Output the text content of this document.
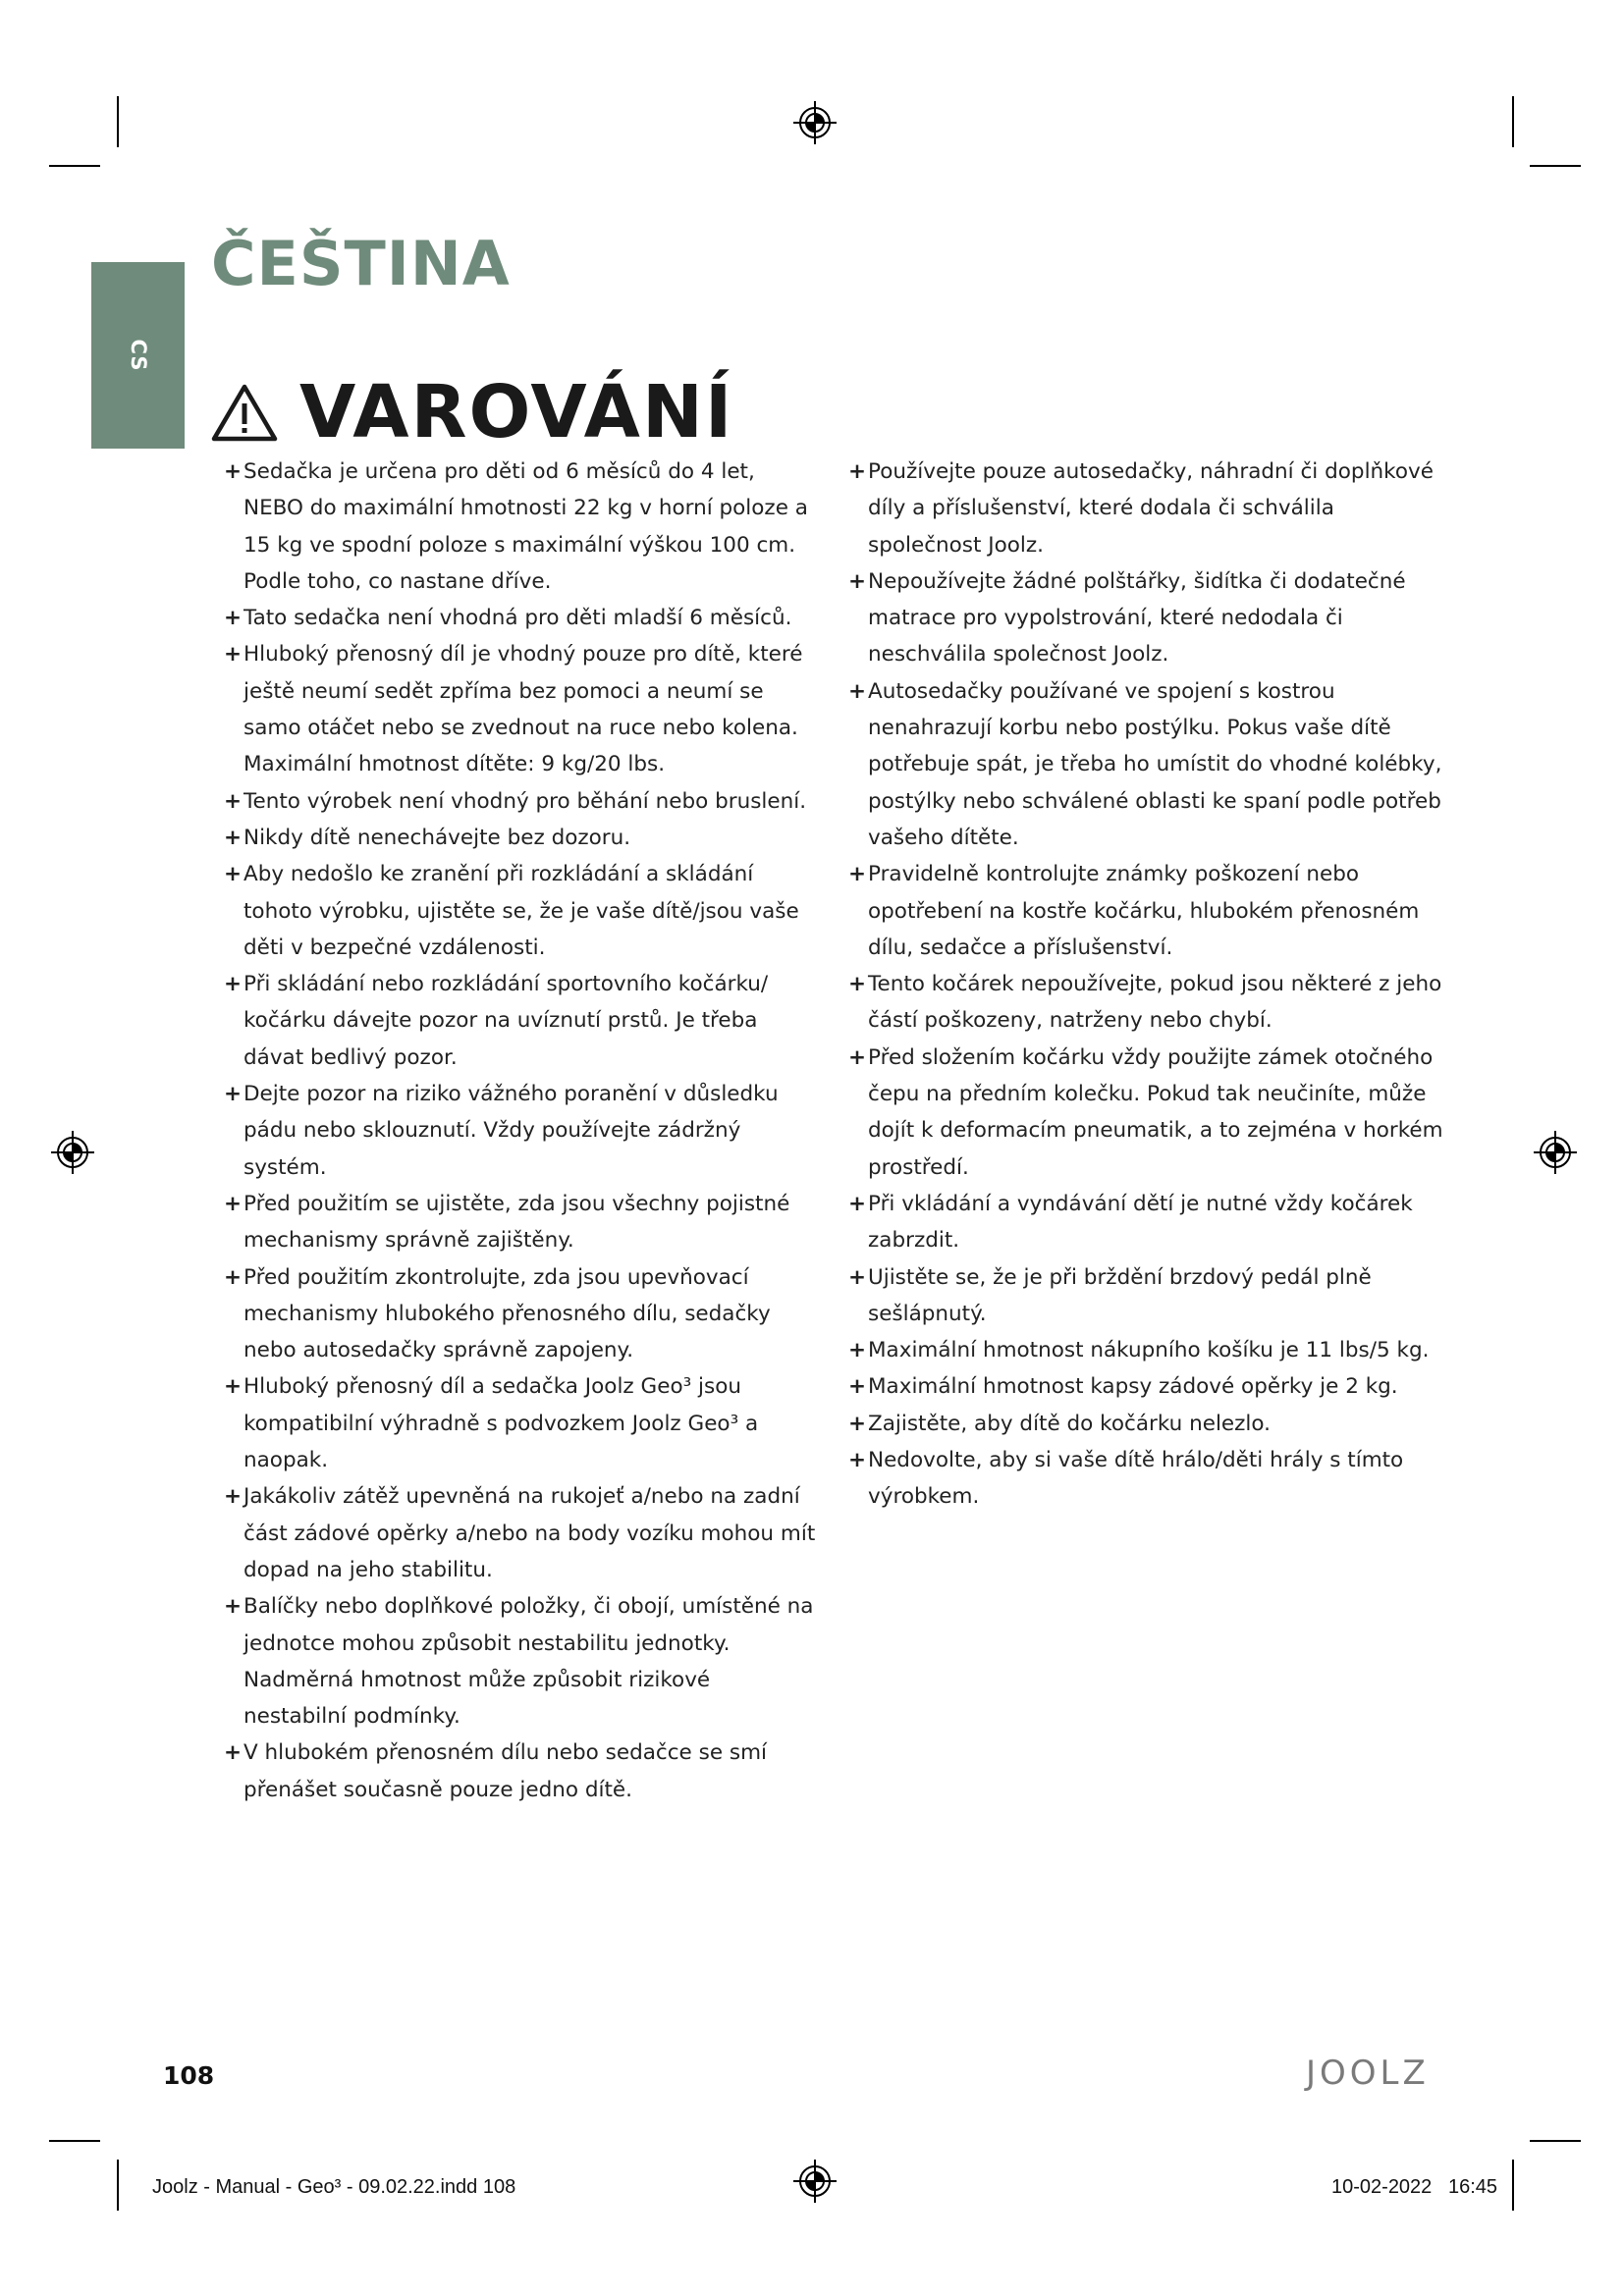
CS
ČEŠTINA
VAROVÁNÍ
+ Sedačka je určena pro děti od 6 měsíců do 4 let, NEBO do maximální hmotnosti 22 kg v horní poloze a 15 kg ve spodní poloze s maximální výškou 100 cm. Podle toho, co nastane dříve.
+ Tato sedačka není vhodná pro děti mladší 6 měsíců.
+ Hluboký přenosný díl je vhodný pouze pro dítě, které ještě neumí sedět zpříma bez pomoci a neumí se samo otáčet nebo se zvednout na ruce nebo kolena. Maximální hmotnost dítěte: 9 kg/20 lbs.
+ Tento výrobek není vhodný pro běhání nebo bruslení.
+ Nikdy dítě nenechávejte bez dozoru.
+ Aby nedošlo ke zranění při rozkládání a skládání tohoto výrobku, ujistěte se, že je vaše dítě/jsou vaše děti v bezpečné vzdálenosti.
+ Při skládání nebo rozkládání sportovního kočárku/ kočárku dávejte pozor na uvíznutí prstů. Je třeba dávat bedlivý pozor.
+ Dejte pozor na riziko vážného poranění v důsledku pádu nebo sklouznutí. Vždy používejte zádržný systém.
+ Před použitím se ujistěte, zda jsou všechny pojistné mechanismy správně zajištěny.
+ Před použitím zkontrolujte, zda jsou upevňovací mechanismy hlubokého přenosného dílu, sedačky nebo autosedačky správně zapojeny.
+ Hluboký přenosný díl a sedačka Joolz Geo³ jsou kompatibilní výhradně s podvozkem Joolz Geo³ a naopak.
+ Jakákoliv zátěž upevněná na rukojeť a/nebo na zadní část zádové opěrky a/nebo na body vozíku mohou mít dopad na jeho stabilitu.
+ Balíčky nebo doplňkové položky, či obojí, umístěné na jednotce mohou způsobit nestabilitu jednotky. Nadměrná hmotnost může způsobit rizikové nestabilní podmínky.
+ V hlubokém přenosném dílu nebo sedačce se smí přenášet současně pouze jedno dítě.
+ Používejte pouze autosedačky, náhradní či doplňkové díly a příslušenství, které dodala či schválila společnost Joolz.
+ Nepoužívejte žádné polštářky, šidítka či dodatečné matrace pro vypolstrování, které nedodala či neschválila společnost Joolz.
+ Autosedačky používané ve spojení s kostrou nenahrazují korbu nebo postýlku. Pokus vaše dítě potřebuje spát, je třeba ho umístit do vhodné kolébky, postýlky nebo schválené oblasti ke spaní podle potřeb vašeho dítěte.
+ Pravidelně kontrolujte známky poškození nebo opotřebení na kostře kočárku, hlubokém přenosném dílu, sedačce a příslušenství.
+ Tento kočárek nepoužívejte, pokud jsou některé z jeho částí poškozeny, natrženy nebo chybí.
+ Před složením kočárku vždy použijte zámek otočného čepu na předním kolečku. Pokud tak neučiníte, může dojít k deformacím pneumatik, a to zejména v horkém prostředí.
+ Při vkládání a vyndávání dětí je nutné vždy kočárek zabrzdit.
+ Ujistěte se, že je při brždění brzdový pedál plně sešlápnutý.
+ Maximální hmotnost nákupního košíku je 11 lbs/5 kg.
+ Maximální hmotnost kapsy zádové opěrky je 2 kg.
+ Zajistěte, aby dítě do kočárku nelezlo.
+ Nedovolte, aby si vaše dítě hrálo/děti hrály s tímto výrobkem.
108	JOOLZ
Joolz - Manual - Geo³ - 09.02.22.indd 108	10-02-2022   16:45
